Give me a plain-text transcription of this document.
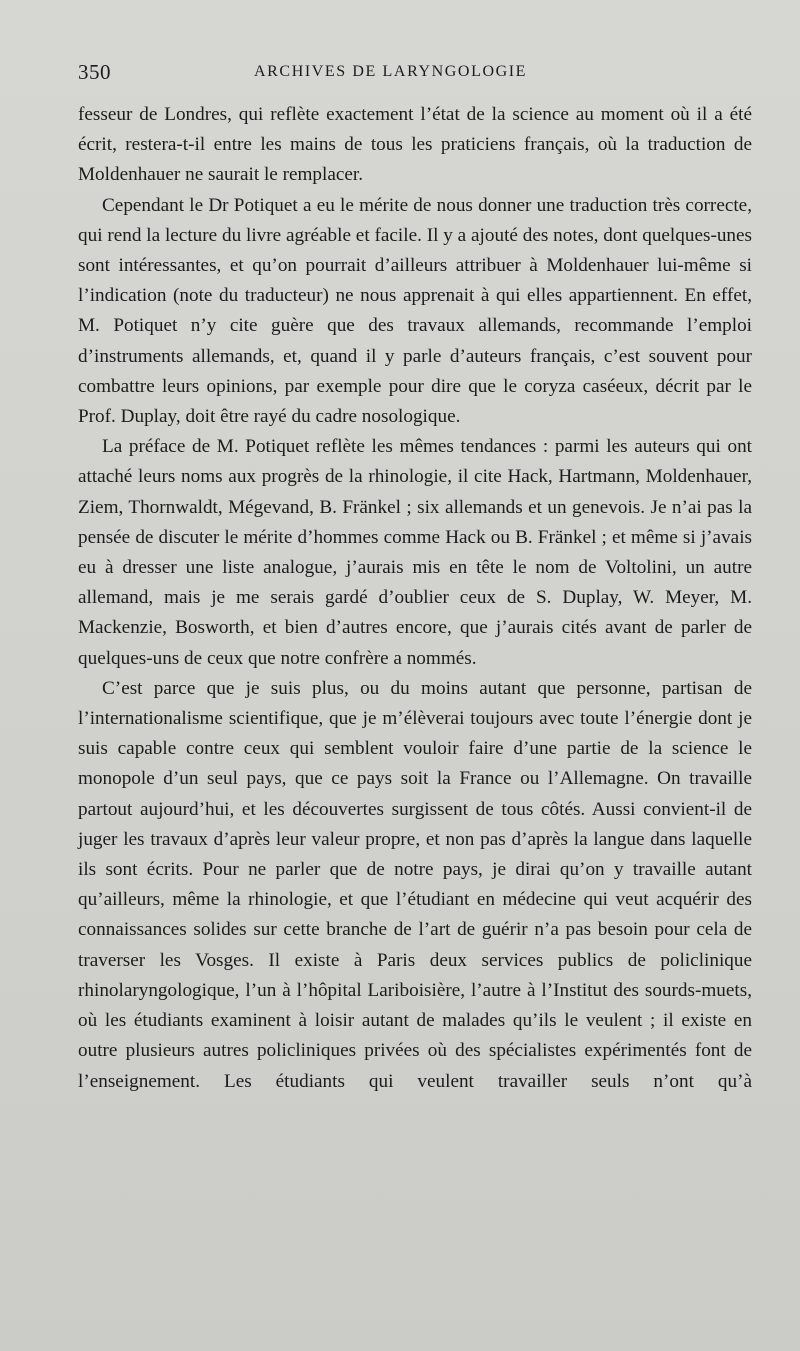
350	ARCHIVES DE LARYNGOLOGIE

fesseur de Londres, qui reflète exactement l’état de la science au moment où il a été écrit, restera-t-il entre les mains de tous les praticiens français, où la traduction de Moldenhauer ne saurait le remplacer.

Cependant le Dr Potiquet a eu le mérite de nous donner une traduction très correcte, qui rend la lecture du livre agréable et facile. Il y a ajouté des notes, dont quelques-unes sont intéressantes, et qu’on pourrait d’ailleurs attribuer à Moldenhauer lui-même si l’indication (note du traducteur) ne nous apprenait à qui elles appartiennent. En effet, M. Potiquet n’y cite guère que des travaux allemands, recommande l’emploi d’instruments allemands, et, quand il y parle d’auteurs français, c’est souvent pour combattre leurs opinions, par exemple pour dire que le coryza caséeux, décrit par le Prof. Duplay, doit être rayé du cadre nosologique.

La préface de M. Potiquet reflète les mêmes tendances : parmi les auteurs qui ont attaché leurs noms aux progrès de la rhinologie, il cite Hack, Hartmann, Moldenhauer, Ziem, Thornwaldt, Mégevand, B. Fränkel ; six allemands et un genevois. Je n’ai pas la pensée de discuter le mérite d’hommes comme Hack ou B. Fränkel ; et même si j’avais eu à dresser une liste analogue, j’aurais mis en tête le nom de Voltolini, un autre allemand, mais je me serais gardé d’oublier ceux de S. Duplay, W. Meyer, M. Mackenzie, Bosworth, et bien d’autres encore, que j’aurais cités avant de parler de quelques-uns de ceux que notre confrère a nommés.

C’est parce que je suis plus, ou du moins autant que personne, partisan de l’internationalisme scientifique, que je m’élèverai toujours avec toute l’énergie dont je suis capable contre ceux qui semblent vouloir faire d’une partie de la science le monopole d’un seul pays, que ce pays soit la France ou l’Allemagne. On travaille partout aujourd’hui, et les découvertes surgissent de tous côtés. Aussi convient-il de juger les travaux d’après leur valeur propre, et non pas d’après la langue dans laquelle ils sont écrits. Pour ne parler que de notre pays, je dirai qu’on y travaille autant qu’ailleurs, même la rhinologie, et que l’étudiant en médecine qui veut acquérir des connaissances solides sur cette branche de l’art de guérir n’a pas besoin pour cela de traverser les Vosges. Il existe à Paris deux services publics de policlinique rhinolaryngologique, l’un à l’hôpital Lariboisière, l’autre à l’Institut des sourds-muets, où les étudiants examinent à loisir autant de malades qu’ils le veulent ; il existe en outre plusieurs autres policliniques privées où des spécialistes expérimentés font de l’enseignement. Les étudiants qui veulent travailler seuls n’ont qu’à
